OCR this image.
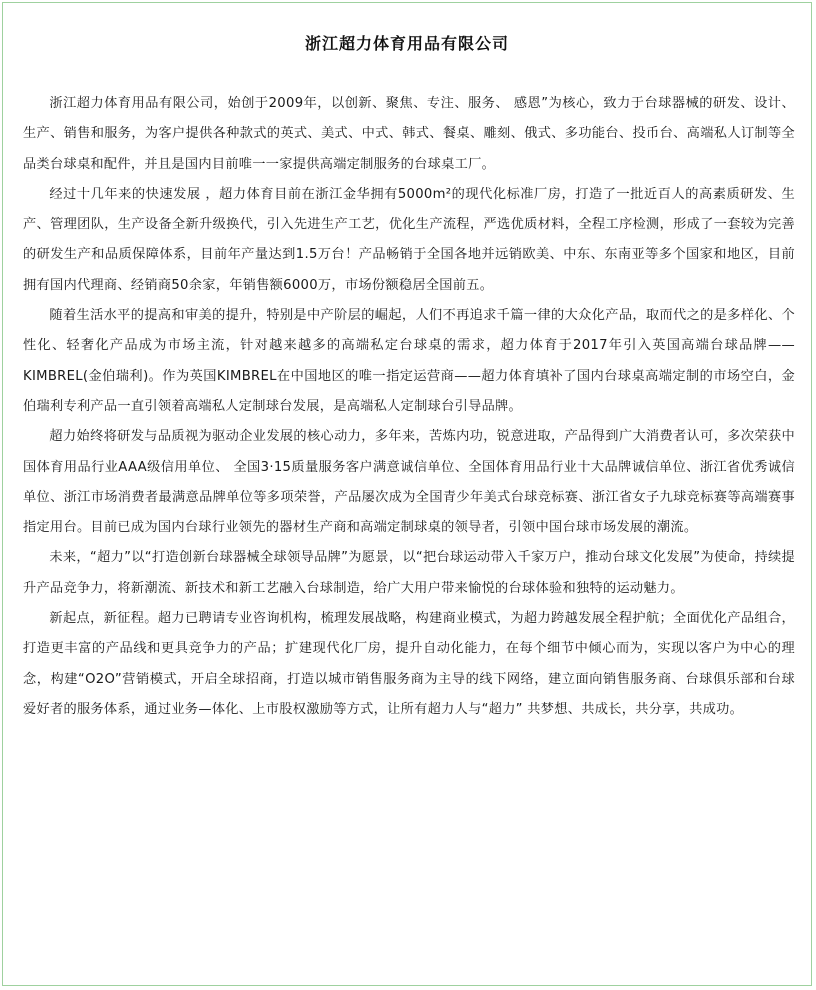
浙江超力体育用品有限公司

浙江超力体育用品有限公司，始创于2009年，以创新、聚焦、专注、服务、 感恩”为核心，致力于台球器械的研发、设计、生产、销售和服务，为客户提供各种款式的英式、美式、中式、韩式、餐桌、雕刻、俄式、多功能台、投币台、高端私人订制等全品类台球桌和配件，并且是国内目前唯一一家提供高端定制服务的台球桌工厂。

经过十几年来的快速发展 ，超力体育目前在浙江金华拥有5000m²的现代化标准厂房，打造了一批近百人的高素质研发、生产、管理团队，生产设备全新升级换代，引入先进生产工艺，优化生产流程，严选优质材料，全程工序检测，形成了一套较为完善的研发生产和品质保障体系，目前年产量达到1.5万台！产品畅销于全国各地并远销欧美、中东、东南亚等多个国家和地区，目前拥有国内代理商、经销商50余家，年销售额6000万，市场份额稳居全国前五。

随着生活水平的提高和审美的提升，特别是中产阶层的崛起，人们不再追求千篇一律的大众化产品，取而代之的是多样化、个性化、轻奢化产品成为市场主流，针对越来越多的高端私定台球桌的需求，超力体育于2017年引入英国高端台球品牌——KIMBREL(金伯瑞利)。作为英国KIMBREL在中国地区的唯一指定运营商——超力体育填补了国内台球桌高端定制的市场空白，金伯瑞利专利产品一直引领着高端私人定制球台发展，是高端私人定制球台引导品牌。

超力始终将研发与品质视为驱动企业发展的核心动力，多年来，苦炼内功，锐意进取，产品得到广大消费者认可，多次荣获中国体育用品行业AAA级信用单位、 全国3·15质量服务客户满意诚信单位、全国体育用品行业十大品牌诚信单位、浙江省优秀诚信单位、浙江市场消费者最满意品牌单位等多项荣誉，产品屡次成为全国青少年美式台球竞标赛、浙江省女子九球竞标赛等高端赛事指定用台。目前已成为国内台球行业领先的器材生产商和高端定制球桌的领导者，引领中国台球市场发展的潮流。

未来，“超力”以“打造创新台球器械全球领导品牌”为愿景，以“把台球运动带入千家万户，推动台球文化发展”为使命，持续提升产品竞争力，将新潮流、新技术和新工艺融入台球制造，给广大用户带来愉悦的台球体验和独特的运动魅力。

新起点，新征程。超力已聘请专业咨询机构，梳理发展战略，构建商业模式，为超力跨越发展全程护航；全面优化产品组合，打造更丰富的产品线和更具竞争力的产品；扩建现代化厂房，提升自动化能力，在每个细节中倾心而为，实现以客户为中心的理念，构建“O2O”营销模式，开启全球招商，打造以城市销售服务商为主导的线下网络，建立面向销售服务商、台球俱乐部和台球爱好者的服务体系，通过业务—体化、上市股权激励等方式，让所有超力人与“超力” 共梦想、共成长，共分享，共成功。
